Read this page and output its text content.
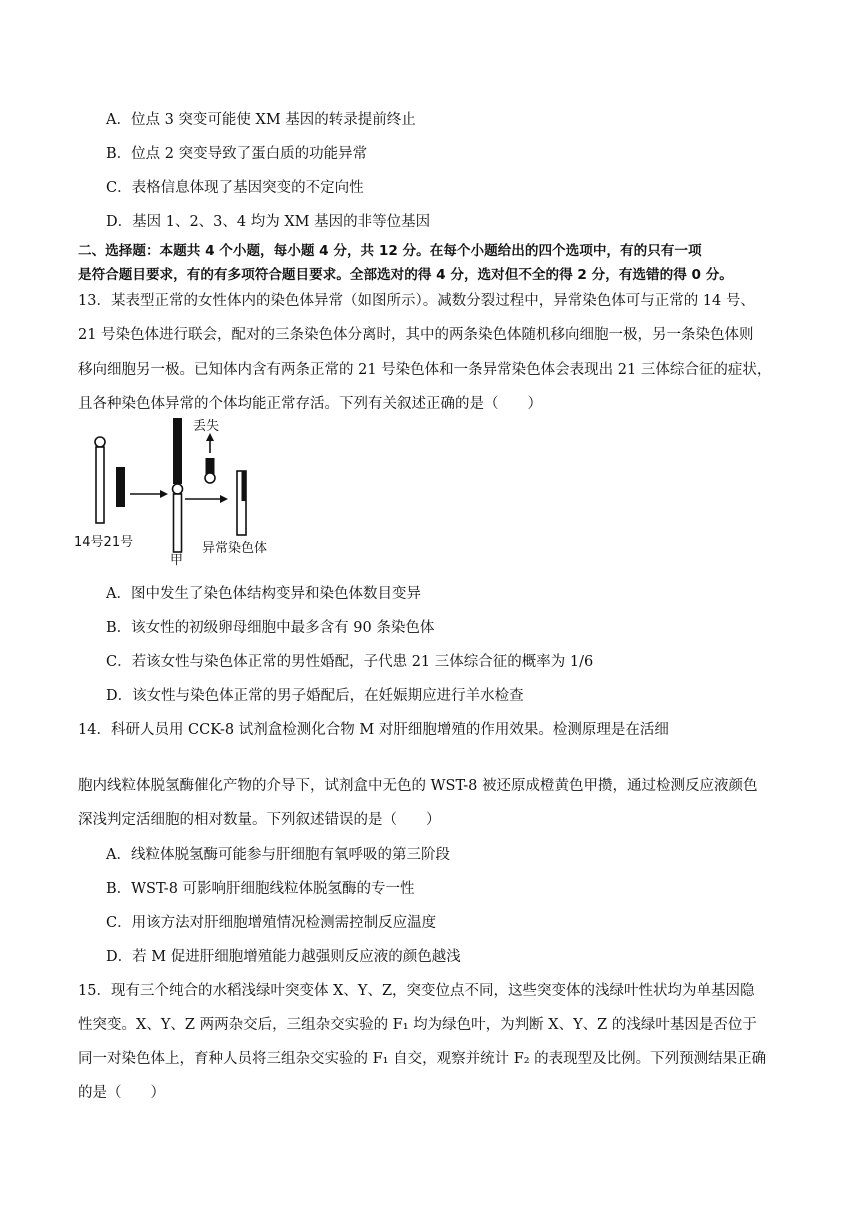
A．位点 3 突变可能使 XM 基因的转录提前终止
B．位点 2 突变导致了蛋白质的功能异常
C．表格信息体现了基因突变的不定向性
D．基因 1、2、3、4 均为 XM 基因的非等位基因
二、选择题：本题共 4 个小题，每小题 4 分，共 12 分。在每个小题给出的四个选项中，有的只有一项
是符合题目要求，有的有多项符合题目要求。全部选对的得 4 分，选对但不全的得 2 分，有选错的得 0 分。
13．某表型正常的女性体内的染色体异常（如图所示）。减数分裂过程中，异常染色体可与正常的 14 号、
21 号染色体进行联会，配对的三条染色体分离时，其中的两条染色体随机移向细胞一极，另一条染色体则
移向细胞另一极。已知体内含有两条正常的 21 号染色体和一条异常染色体会表现出 21 三体综合征的症状，
且各种染色体异常的个体均能正常存活。下列有关叙述正确的是（　　）
丢失
14号21号
甲
异常染色体
A．图中发生了染色体结构变异和染色体数目变异
B．该女性的初级卵母细胞中最多含有 90 条染色体
C．若该女性与染色体正常的男性婚配，子代患 21 三体综合征的概率为 1/6
D．该女性与染色体正常的男子婚配后，在妊娠期应进行羊水检查
14．科研人员用 CCK-8 试剂盒检测化合物 M 对肝细胞增殖的作用效果。检测原理是在活细
胞内线粒体脱氢酶催化产物的介导下，试剂盒中无色的 WST-8 被还原成橙黄色甲攒，通过检测反应液颜色
深浅判定活细胞的相对数量。下列叙述错误的是（　　）
A．线粒体脱氢酶可能参与肝细胞有氧呼吸的第三阶段
B．WST-8 可影响肝细胞线粒体脱氢酶的专一性
C．用该方法对肝细胞增殖情况检测需控制反应温度
D．若 M 促进肝细胞增殖能力越强则反应液的颜色越浅
15．现有三个纯合的水稻浅绿叶突变体 X、Y、Z，突变位点不同，这些突变体的浅绿叶性状均为单基因隐
性突变。X、Y、Z 两两杂交后，三组杂交实验的 F₁ 均为绿色叶，为判断 X、Y、Z 的浅绿叶基因是否位于
同一对染色体上，育种人员将三组杂交实验的 F₁ 自交，观察并统计 F₂ 的表现型及比例。下列预测结果正确
的是（　　）
